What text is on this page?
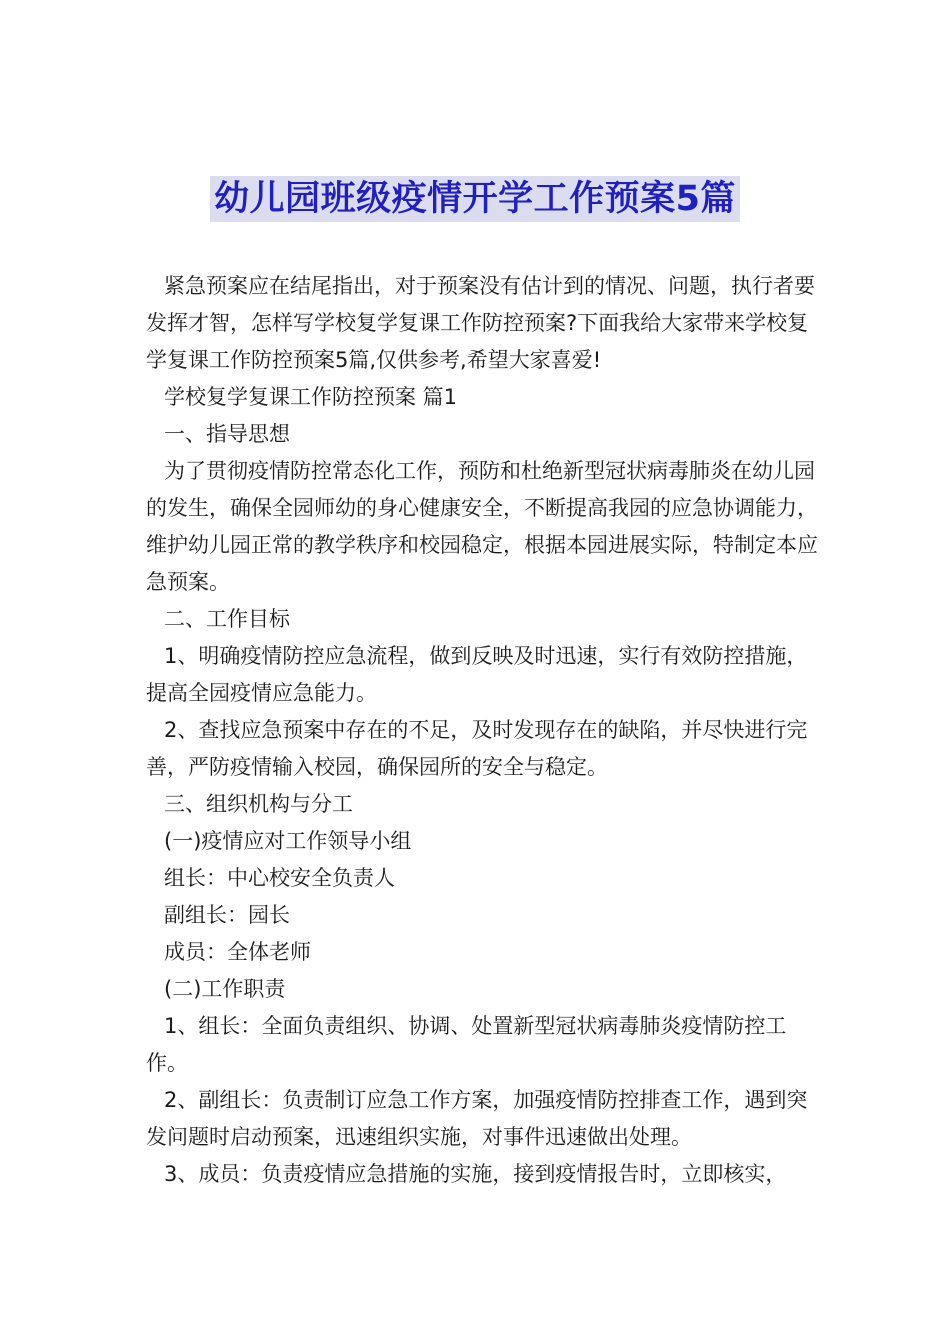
幼儿园班级疫情开学工作预案5篇

紧急预案应在结尾指出，对于预案没有估计到的情况、问题，执行者要发挥才智，怎样写学校复学复课工作防控预案?下面我给大家带来学校复学复课工作防控预案5篇,仅供参考,希望大家喜爱!

学校复学复课工作防控预案 篇1

一、指导思想

为了贯彻疫情防控常态化工作，预防和杜绝新型冠状病毒肺炎在幼儿园的发生，确保全园师幼的身心健康安全，不断提高我园的应急协调能力，维护幼儿园正常的教学秩序和校园稳定，根据本园进展实际，特制定本应急预案。

二、工作目标

1、明确疫情防控应急流程，做到反映及时迅速，实行有效防控措施，提高全园疫情应急能力。

2、查找应急预案中存在的不足，及时发现存在的缺陷，并尽快进行完善，严防疫情输入校园，确保园所的安全与稳定。

三、组织机构与分工

(一)疫情应对工作领导小组

组长：中心校安全负责人

副组长：园长

成员：全体老师

(二)工作职责

1、组长：全面负责组织、协调、处置新型冠状病毒肺炎疫情防控工作。

2、副组长：负责制订应急工作方案，加强疫情防控排查工作，遇到突发问题时启动预案，迅速组织实施，对事件迅速做出处理。

3、成员：负责疫情应急措施的实施，接到疫情报告时，立即核实，
